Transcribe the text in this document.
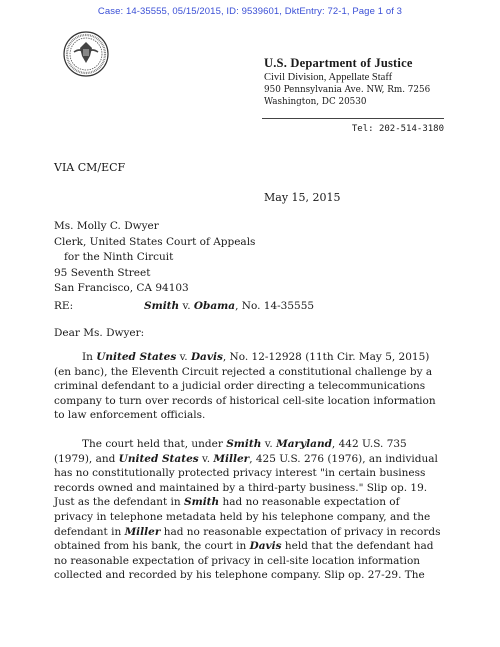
Case: 14-35555, 05/15/2015, ID: 9539601, DktEntry: 72-1, Page 1 of 3
U.S. Department of Justice
Civil Division, Appellate Staff
950 Pennsylvania Ave. NW, Rm. 7256
Washington, DC 20530
Tel: 202-514-3180
VIA CM/ECF
May 15, 2015
Ms. Molly C. Dwyer
Clerk, United States Court of Appeals
for the Ninth Circuit
95 Seventh Street
San Francisco, CA 94103
RE:	Smith v. Obama, No. 14-35555
Dear Ms. Dwyer:
In United States v. Davis, No. 12-12928 (11th Cir. May 5, 2015)
(en banc), the Eleventh Circuit rejected a constitutional challenge by a
criminal defendant to a judicial order directing a telecommunications
company to turn over records of historical cell-site location information
to law enforcement officials.
The court held that, under Smith v. Maryland, 442 U.S. 735
(1979), and United States v. Miller, 425 U.S. 276 (1976), an individual
has no constitutionally protected privacy interest "in certain business
records owned and maintained by a third-party business." Slip op. 19.
Just as the defendant in Smith had no reasonable expectation of
privacy in telephone metadata held by his telephone company, and the
defendant in Miller had no reasonable expectation of privacy in records
obtained from his bank, the court in Davis held that the defendant had
no reasonable expectation of privacy in cell-site location information
collected and recorded by his telephone company. Slip op. 27-29. The
